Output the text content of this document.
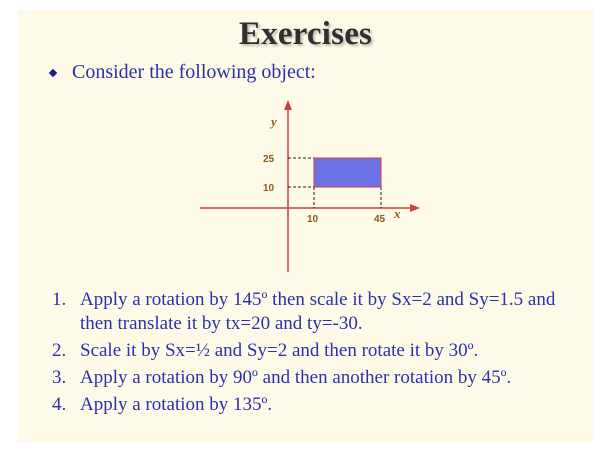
Exercises
Consider the following object:
y
x
25
10
10	45
1. Apply a rotation by 145º then scale it by Sx=2 and Sy=1.5 and then translate it by tx=20 and ty=-30.
2. Scale it by Sx=½ and Sy=2 and then rotate it by 30º.
3. Apply a rotation by 90º and then another rotation by 45º.
4. Apply a rotation by 135º.
